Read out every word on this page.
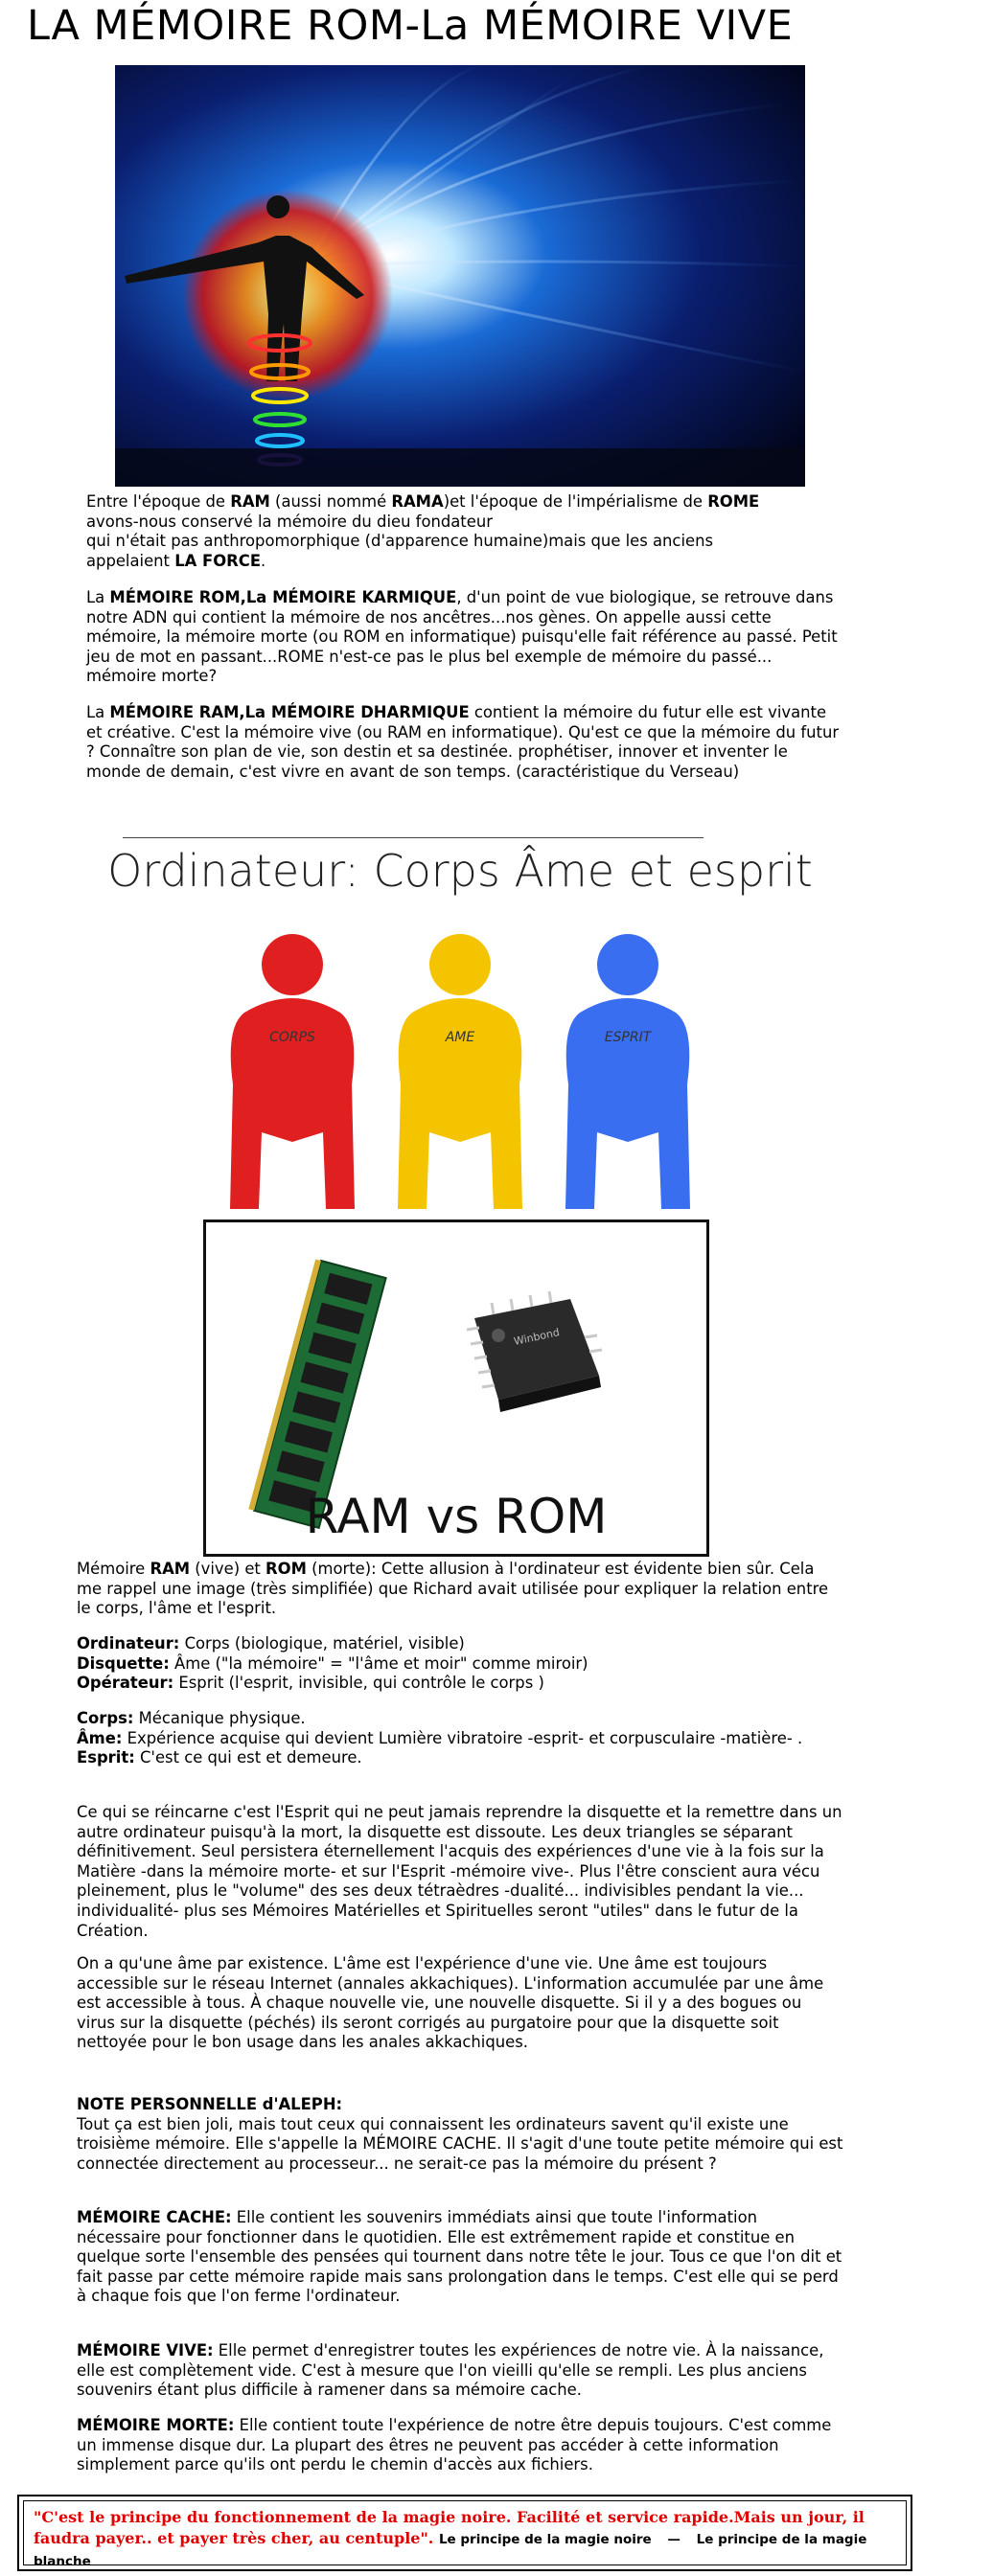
LA MÉMOIRE ROM-La MÉMOIRE VIVE

Entre l'époque de RAM (aussi nommé RAMA)et l'époque de l'impérialisme de ROME
avons-nous conservé la mémoire du dieu fondateur
qui n'était pas anthropomorphique (d'apparence humaine)mais que les anciens
appelaient LA FORCE.

La MÉMOIRE ROM,La MÉMOIRE KARMIQUE, d'un point de vue biologique, se retrouve dans notre ADN qui contient la mémoire de nos ancêtres...nos gènes. On appelle aussi cette mémoire, la mémoire morte (ou ROM en informatique) puisqu'elle fait référence au passé. Petit jeu de mot en passant...ROME n'est-ce pas le plus bel exemple de mémoire du passé... mémoire morte?

La MÉMOIRE RAM,La MÉMOIRE DHARMIQUE contient la mémoire du futur elle est vivante et créative. C'est la mémoire vive (ou RAM en informatique). Qu'est ce que la mémoire du futur ? Connaître son plan de vie, son destin et sa destinée. prophétiser, innover et inventer le monde de demain, c'est vivre en avant de son temps. (caractéristique du Verseau)

Ordinateur: Corps Âme et esprit
CORPS	AME	ESPRIT
Winbond
RAM vs ROM

Mémoire RAM (vive) et ROM (morte): Cette allusion à l'ordinateur est évidente bien sûr. Cela me rappel une image (très simplifiée) que Richard avait utilisée pour expliquer la relation entre le corps, l'âme et l'esprit.

Ordinateur: Corps (biologique, matériel, visible)
Disquette: Âme ("la mémoire" = "l'âme et moir" comme miroir)
Opérateur: Esprit (l'esprit, invisible, qui contrôle le corps )

Corps: Mécanique physique.
Âme: Expérience acquise qui devient Lumière vibratoire -esprit- et corpusculaire -matière- .
Esprit: C'est ce qui est et demeure.

Ce qui se réincarne c'est l'Esprit qui ne peut jamais reprendre la disquette et la remettre dans un autre ordinateur puisqu'à la mort, la disquette est dissoute. Les deux triangles se séparant définitivement. Seul persistera éternellement l'acquis des expériences d'une vie à la fois sur la Matière -dans la mémoire morte- et sur l'Esprit -mémoire vive-. Plus l'être conscient aura vécu pleinement, plus le "volume" des ses deux tétraèdres -dualité... indivisibles pendant la vie... individualité- plus ses Mémoires Matérielles et Spirituelles seront "utiles" dans le futur de la Création.

On a qu'une âme par existence. L'âme est l'expérience d'une vie. Une âme est toujours accessible sur le réseau Internet (annales akkachiques). L'information accumulée par une âme est accessible à tous. À chaque nouvelle vie, une nouvelle disquette. Si il y a des bogues ou virus sur la disquette (péchés) ils seront corrigés au purgatoire pour que la disquette soit nettoyée pour le bon usage dans les anales akkachiques.

NOTE PERSONNELLE d'ALEPH:
Tout ça est bien joli, mais tout ceux qui connaissent les ordinateurs savent qu'il existe une troisième mémoire. Elle s'appelle la MÉMOIRE CACHE. Il s'agit d'une toute petite mémoire qui est connectée directement au processeur... ne serait-ce pas la mémoire du présent ?

MÉMOIRE CACHE: Elle contient les souvenirs immédiats ainsi que toute l'information nécessaire pour fonctionner dans le quotidien. Elle est extrêmement rapide et constitue en quelque sorte l'ensemble des pensées qui tournent dans notre tête le jour. Tous ce que l'on dit et fait passe par cette mémoire rapide mais sans prolongation dans le temps. C'est elle qui se perd à chaque fois que l'on ferme l'ordinateur.

MÉMOIRE VIVE: Elle permet d'enregistrer toutes les expériences de notre vie. À la naissance, elle est complètement vide. C'est à mesure que l'on vieilli qu'elle se rempli. Les plus anciens souvenirs étant plus difficile à ramener dans sa mémoire cache.

MÉMOIRE MORTE: Elle contient toute l'expérience de notre être depuis toujours. C'est comme un immense disque dur. La plupart des êtres ne peuvent pas accéder à cette information simplement parce qu'ils ont perdu le chemin d'accès aux fichiers.

"C'est le principe du fonctionnement de la magie noire. Facilité et service rapide.Mais un jour, il faudra payer.. et payer très cher, au centuple". Le principe de la magie noire — Le principe de la magie blanche
